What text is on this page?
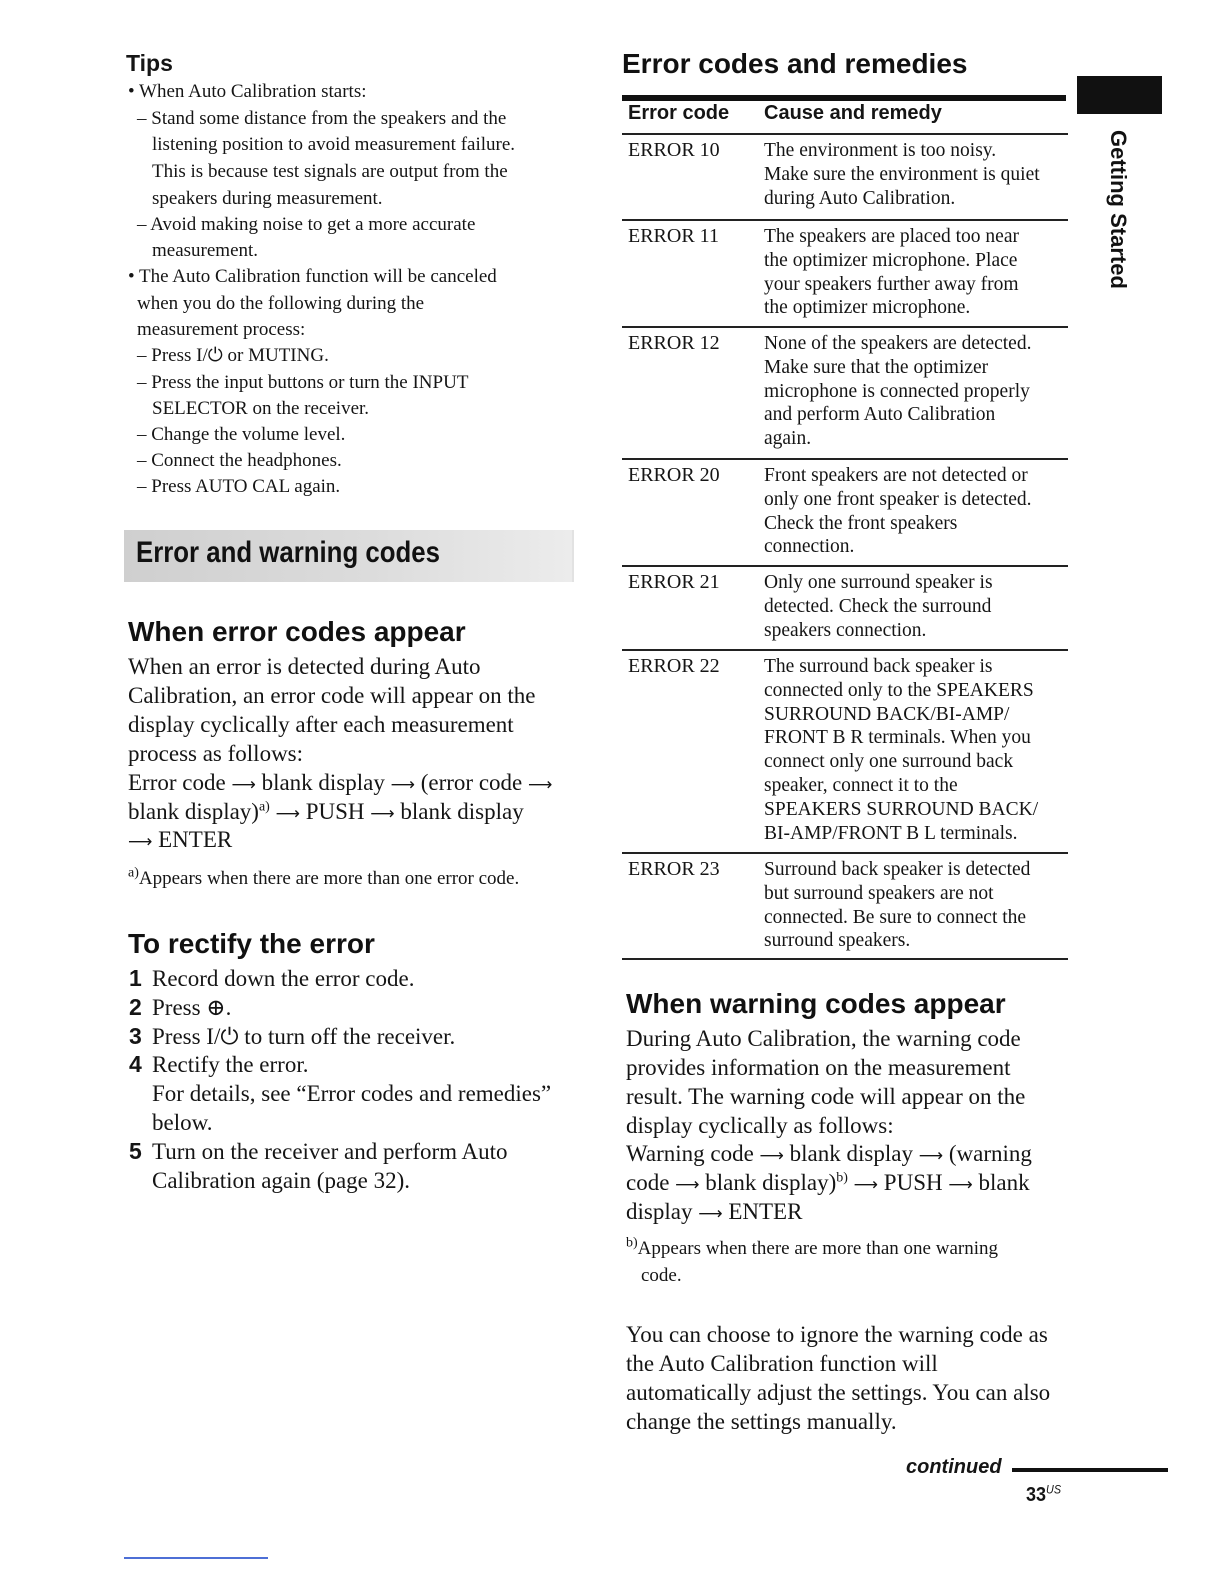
Tips
• When Auto Calibration starts:
– Stand some distance from the speakers and the
listening position to avoid measurement failure.
This is because test signals are output from the
speakers during measurement.
– Avoid making noise to get a more accurate
measurement.
• The Auto Calibration function will be canceled
when you do the following during the
measurement process:
– Press I/⏻ or MUTING.
– Press the input buttons or turn the INPUT
SELECTOR on the receiver.
– Change the volume level.
– Connect the headphones.
– Press AUTO CAL again.
Error and warning codes
When error codes appear
When an error is detected during Auto
Calibration, an error code will appear on the
display cyclically after each measurement
process as follows:
Error code ⟶ blank display ⟶ (error code ⟶
blank display)$^{a)}$ ⟶ PUSH ⟶ blank display
⟶ ENTER
$^{a)}$Appears when there are more than one error code.
To rectify the error
1 Record down the error code.
2 Press ⊕.
3 Press I/⏻ to turn off the receiver.
4 Rectify the error.
For details, see “Error codes and remedies”
below.
5 Turn on the receiver and perform Auto
Calibration again (page 32).
Error codes and remedies
Error code Cause and remedy
ERROR 10 The environment is too noisy.
Make sure the environment is quiet
during Auto Calibration.
ERROR 11 The speakers are placed too near
the optimizer microphone. Place
your speakers further away from
the optimizer microphone.
ERROR 12 None of the speakers are detected.
Make sure that the optimizer
microphone is connected properly
and perform Auto Calibration
again.
ERROR 20 Front speakers are not detected or
only one front speaker is detected.
Check the front speakers
connection.
ERROR 21 Only one surround speaker is
detected. Check the surround
speakers connection.
ERROR 22 The surround back speaker is
connected only to the SPEAKERS
SURROUND BACK/BI-AMP/
FRONT B R terminals. When you
connect only one surround back
speaker, connect it to the
SPEAKERS SURROUND BACK/
BI-AMP/FRONT B L terminals.
ERROR 23 Surround back speaker is detected
but surround speakers are not
connected. Be sure to connect the
surround speakers.
When warning codes appear
During Auto Calibration, the warning code
provides information on the measurement
result. The warning code will appear on the
display cyclically as follows:
Warning code ⟶ blank display ⟶ (warning
code ⟶ blank display)$^{b)}$ ⟶ PUSH ⟶ blank
display ⟶ ENTER
$^{b)}$Appears when there are more than one warning
code.
You can choose to ignore the warning code as
the Auto Calibration function will
automatically adjust the settings. You can also
change the settings manually.
Getting Started
continued
$33^{US}$
